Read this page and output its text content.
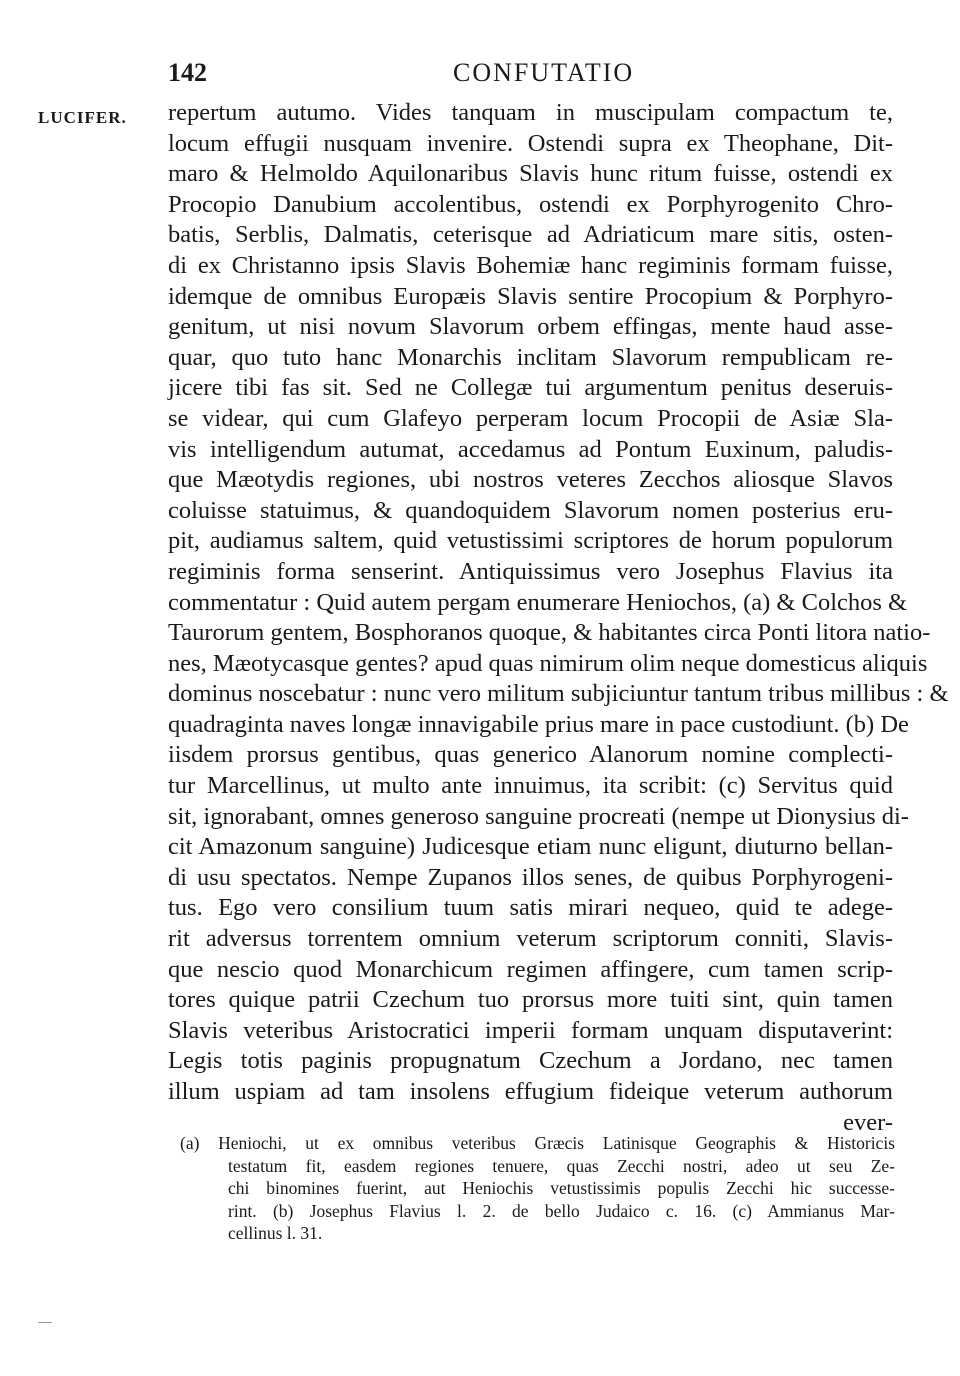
142	CONFUTATIO
LUCIFER. repertum autumo. Vides tanquam in muscipulam compactum te,
locum effugii nusquam invenire. Ostendi supra ex Theophane, Dit-
maro & Helmoldo Aquilonaribus Slavis hunc ritum fuisse, ostendi ex
Procopio Danubium accolentibus, ostendi ex Porphyrogenito Chro-
batis, Serblis, Dalmatis, ceterisque ad Adriaticum mare sitis, osten-
di ex Christanno ipsis Slavis Bohemiæ hanc regiminis formam fuisse,
idemque de omnibus Europæis Slavis sentire Procopium & Porphyro-
genitum, ut nisi novum Slavorum orbem effingas, mente haud asse-
quar, quo tuto hanc Monarchis inclitam Slavorum rempublicam re-
jicere tibi fas sit. Sed ne Collegæ tui argumentum penitus deseruis-
se videar, qui cum Glafeyo perperam locum Procopii de Asiæ Sla-
vis intelligendum autumat, accedamus ad Pontum Euxinum, paludis-
que Mæotydis regiones, ubi nostros veteres Zecchos aliosque Slavos
coluisse statuimus, & quandoquidem Slavorum nomen posterius eru-
pit, audiamus saltem, quid vetustissimi scriptores de horum populorum
regiminis forma senserint. Antiquissimus vero Josephus Flavius ita
commentatur : Quid autem pergam enumerare Heniochos, (a) & Colchos &
Taurorum gentem, Bosphoranos quoque, & habitantes circa Ponti litora natio-
nes, Mæotycasque gentes? apud quas nimirum olim neque domesticus aliquis
dominus noscebatur : nunc vero militum subjiciuntur tantum tribus millibus : &
quadraginta naves longæ innavigabile prius mare in pace custodiunt. (b) De
iisdem prorsus gentibus, quas generico Alanorum nomine complecti-
tur Marcellinus, ut multo ante innuimus, ita scribit: (c) Servitus quid
sit, ignorabant, omnes generoso sanguine procreati (nempe ut Dionysius di-
cit Amazonum sanguine) Judicesque etiam nunc eligunt, diuturno bellan-
di usu spectatos. Nempe Zupanos illos senes, de quibus Porphyrogeni-
tus. Ego vero consilium tuum satis mirari nequeo, quid te adege-
rit adversus torrentem omnium veterum scriptorum conniti, Slavis-
que nescio quod Monarchicum regimen affingere, cum tamen scrip-
tores quique patrii Czechum tuo prorsus more tuiti sint, quin tamen
Slavis veteribus Aristocratici imperii formam unquam disputaverint:
Legis totis paginis propugnatum Czechum a Jordano, nec tamen
illum uspiam ad tam insolens effugium fideique veterum authorum
ever-
(a) Heniochi, ut ex omnibus veteribus Græcis Latinisque Geographis & Historicis
testatum fit, easdem regiones tenuere, quas Zecchi nostri, adeo ut seu Ze-
chi binomines fuerint, aut Heniochis vetustissimis populis Zecchi hic successe-
rint. (b) Josephus Flavius l. 2. de bello Judaico c. 16. (c) Ammianus Mar-
cellinus l. 31.
